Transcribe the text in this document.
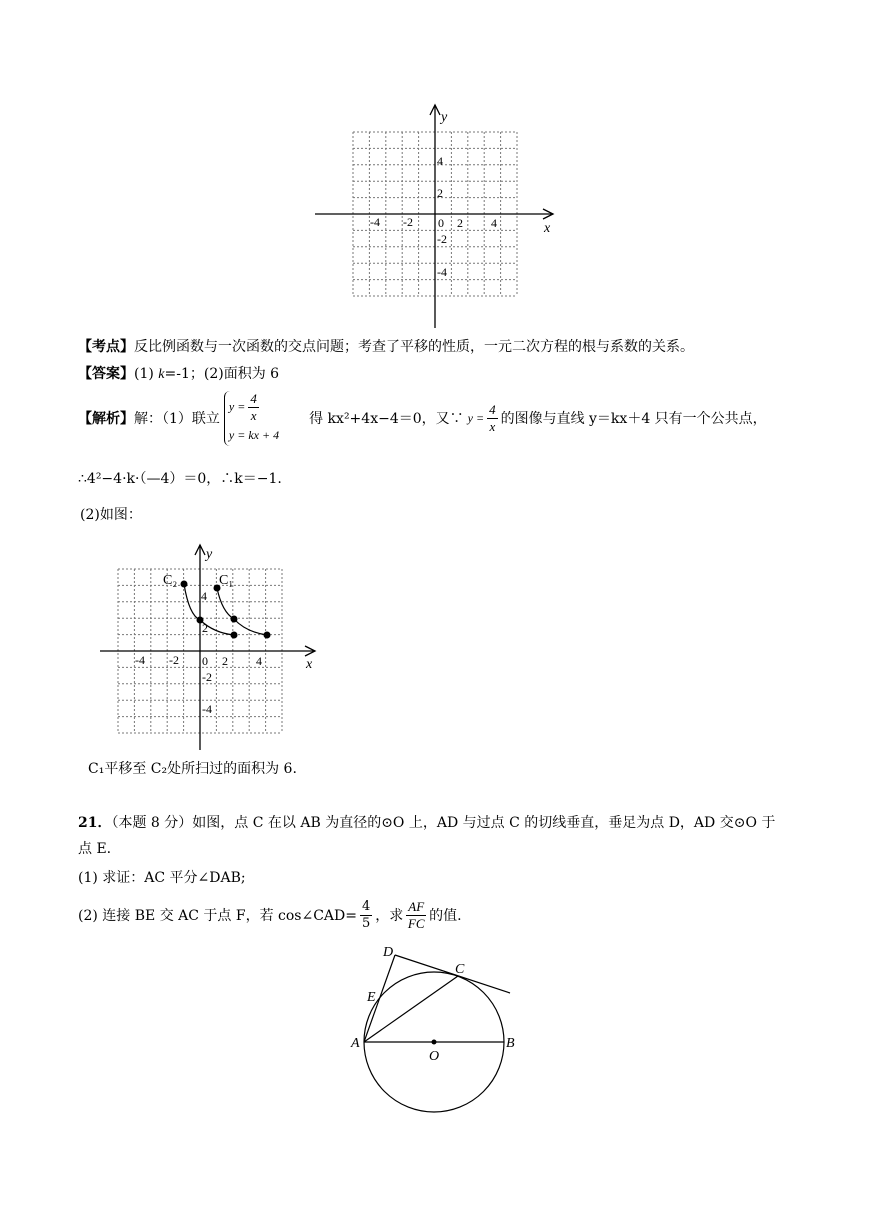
y
x
4
2
-2
-4
-4 -2 0 2 4
【考点】反比例函数与一次函数的交点问题；考查了平移的性质，一元二次方程的根与系数的关系。
【答案】(1) k=-1；(2)面积为 6
【解析】 解：（1）联立
$y = \frac{4}{x}$
y = kx + 4
得 kx²+4x−4＝0，又∵ $y = \frac{4}{x}$ 的图像与直线 y＝kx＋4 只有一个公共点，
∴4²−4·k·（—4）＝0，∴k＝−1.
(2)如图：
y
x
4
2
-2
-4
-4 -2 0 2 4
C₂	C₁
C₁平移至 C₂处所扫过的面积为 6.
21．（本题 8 分）如图，点 C 在以 AB 为直径的⊙O 上，AD 与过点 C 的切线垂直，垂足为点 D，AD 交⊙O 于
点 E.
(1) 求证：AC 平分∠DAB;
(2) 连接 BE 交 AC 于点 F，若 cos∠CAD= $\frac{4}{5}$ ，求 $\frac{AF}{FC}$ 的值.
D
C
E
A
O
B
